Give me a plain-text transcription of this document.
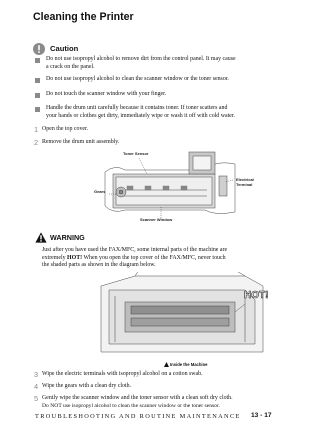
Cleaning the Printer
Caution
Do not use isopropyl alcohol to remove dirt from the control panel. It may cause
a crack on the panel.
Do not use isopropyl alcohol to clean the scanner window or the toner sensor.
Do not touch the scanner window with your finger.
Handle the drum unit carefully because it contains toner. If toner scatters and
your hands or clothes get dirty, immediately wipe or wash it off with cold water.
1 Open the top cover.
2 Remove the drum unit assembly.
Toner Sensor
Electrical
Terminal
Gears
Scanner Window
WARNING
Just after you have used the FAX/MFC, some internal parts of the machine are
extremely HOT! When you open the top cover of the FAX/MFC, never touch
the shaded parts as shown in the diagram below.
HOT!
Inside the Machine
3 Wipe the electric terminals with isopropyl alcohol on a cotton swab.
4 Wipe the gears with a clean dry cloth.
5 Gently wipe the scanner window and the toner sensor with a clean soft dry cloth.
TROUBLESHOOTING AND ROUTINE MAINTENANCE 13 - 17
Do NOT use isopropyl alcohol to clean the scanner window or the toner sensor.
